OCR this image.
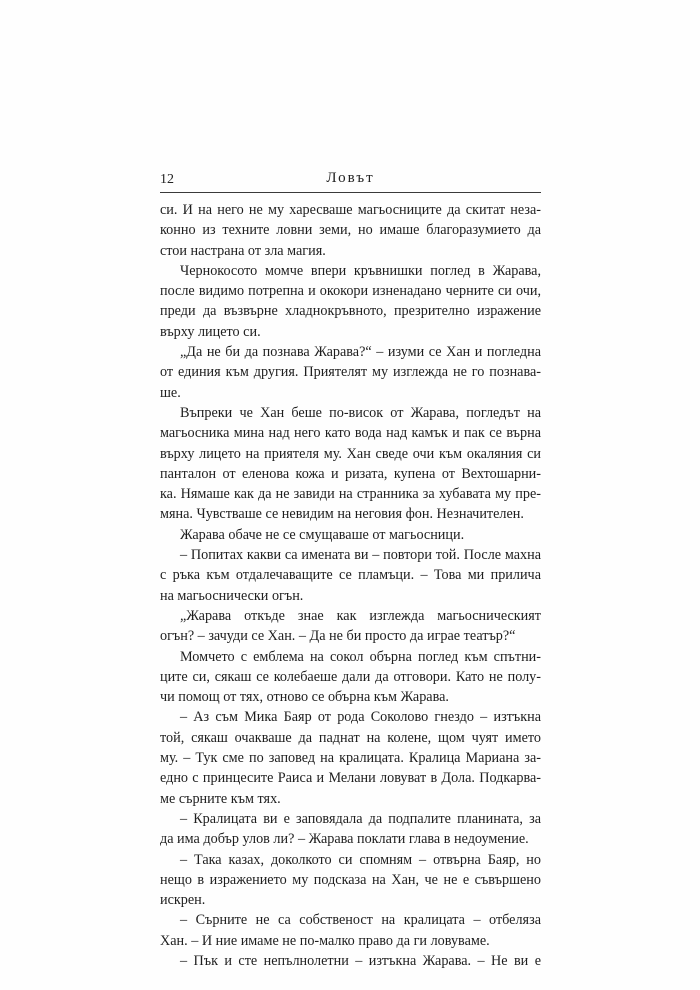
12	Ловът
си. И на него не му харесваше магьосниците да скитат неза-
конно из техните ловни земи, но имаше благоразумието да
стои настрана от зла магия.
Чернокосото момче впери кръвнишки поглед в Жарава,
после видимо потрепна и ококори изненадано черните си очи,
преди да възвърне хладнокръвното, презрително изражение
върху лицето си.
„Да не би да познава Жарава?“ – изуми се Хан и погледна
от единия към другия. Приятелят му изглежда не го познава-
ше.
Въпреки че Хан беше по-висок от Жарава, погледът на
магьосника мина над него като вода над камък и пак се върна
върху лицето на приятеля му. Хан сведе очи към окаляния си
панталон от еленова кожа и ризата, купена от Вехтошарни-
ка. Нямаше как да не завиди на странника за хубавата му пре-
мяна. Чувстваше се невидим на неговия фон. Незначителен.
Жарава обаче не се смущаваше от магьосници.
– Попитах какви са имената ви – повтори той. После махна
с ръка към отдалечаващите се пламъци. – Това ми прилича
на магьоснически огън.
„Жарава откъде знае как изглежда магьосническият
огън? – зачуди се Хан. – Да не би просто да играе театър?“
Момчето с емблема на сокол обърна поглед към спътни-
ците си, сякаш се колебаеше дали да отговори. Като не полу-
чи помощ от тях, отново се обърна към Жарава.
– Аз съм Мика Баяр от рода Соколово гнездо – изтъкна
той, сякаш очакваше да паднат на колене, щом чуят името
му. – Тук сме по заповед на кралицата. Кралица Мариана за-
едно с принцесите Раиса и Мелани ловуват в Дола. Подкарва-
ме сърните към тях.
– Кралицата ви е заповядала да подпалите планината, за
да има добър улов ли? – Жарава поклати глава в недоумение.
– Така казах, доколкото си спомням – отвърна Баяр, но
нещо в изражението му подсказа на Хан, че не е съвършено
искрен.
– Сърните не са собственост на кралицата – отбеляза
Хан. – И ние имаме не по-малко право да ги ловуваме.
– Пък и сте непълнолетни – изтъкна Жарава. – Не ви е
